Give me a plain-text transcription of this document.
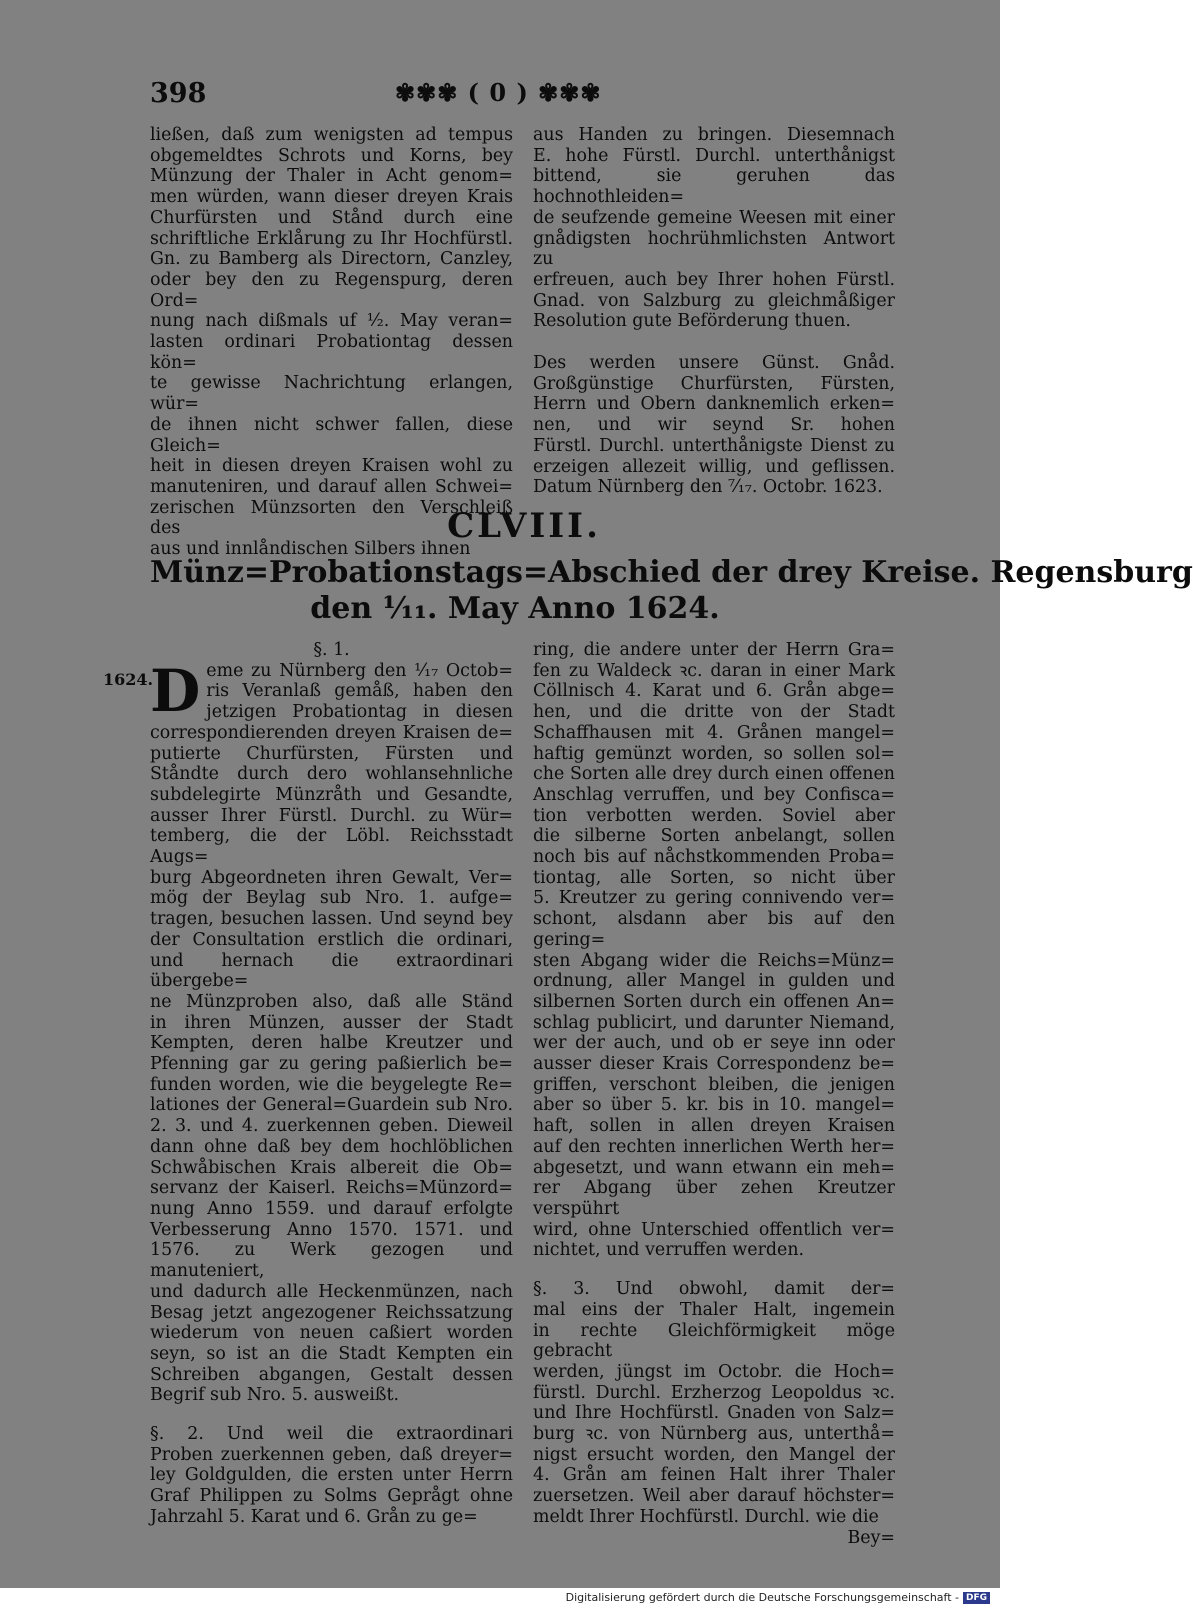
398	✾✾✾ ( 0 ) ✾✾✾

ließen, daß zum wenigsten ad tempus

obgemeldtes Schrots und Korns, bey

Münzung der Thaler in Acht genom=

men würden, wann dieser dreyen Krais

Churfürsten und Stånd durch eine

schriftliche Erklårung zu Ihr Hochfürstl.

Gn. zu Bamberg als Directorn, Canzley,

oder bey den zu Regenspurg, deren Ord=

nung nach dißmals uf ¹⁄₂. May veran=

lasten ordinari Probationtag dessen kön=

te gewisse Nachrichtung erlangen, wür=

de ihnen nicht schwer fallen, diese Gleich=

heit in diesen dreyen Kraisen wohl zu

manuteniren, und darauf allen Schwei=

zerischen Münzsorten den Verschleiß des

aus und innlåndischen Silbers ihnen

aus Handen zu bringen. Diesemnach

E. hohe Fürstl. Durchl. unterthånigst

bittend, sie geruhen das hochnothleiden=

de seufzende gemeine Weesen mit einer

gnådigsten hochrühmlichsten Antwort zu

erfreuen, auch bey Ihrer hohen Fürstl.

Gnad. von Salzburg zu gleichmåßiger

Resolution gute Beförderung thuen.

Des werden unsere Günst. Gnåd.

Großgünstige Churfürsten, Fürsten,

Herrn und Obern danknemlich erken=

nen, und wir seynd Sr. hohen

Fürstl. Durchl. unterthånigste Dienst zu

erzeigen allezeit willig, und geflissen.

Datum Nürnberg den ⁷⁄₁₇. Octobr. 1623.

CLVIII.
Münz=Probationstags=Abschied der drey Kreise. Regensburg
den ¹⁄₁₁. May Anno 1624.
1624.

§. 1.

D eme zu Nürnberg den ¹⁄₁₇ Octob=

ris Veranlaß gemåß, haben den

jetzigen Probationtag in diesen

correspondierenden dreyen Kraisen de=

putierte Churfürsten, Fürsten und

Ståndte durch dero wohlansehnliche

subdelegirte Münzråth und Gesandte,

ausser Ihrer Fürstl. Durchl. zu Wür=

temberg, die der Löbl. Reichsstadt Augs=

burg Abgeordneten ihren Gewalt, Ver=

mög der Beylag sub Nro. 1. aufge=

tragen, besuchen lassen. Und seynd bey

der Consultation erstlich die ordinari,

und hernach die extraordinari übergebe=

ne Münzproben also, daß alle Ständ

in ihren Münzen, ausser der Stadt

Kempten, deren halbe Kreutzer und

Pfenning gar zu gering paßierlich be=

funden worden, wie die beygelegte Re=

lationes der General=Guardein sub Nro.

2. 3. und 4. zuerkennen geben. Dieweil

dann ohne daß bey dem hochlöblichen

Schwåbischen Krais albereit die Ob=

servanz der Kaiserl. Reichs=Münzord=

nung Anno 1559. und darauf erfolgte

Verbesserung Anno 1570. 1571. und

1576. zu Werk gezogen und manuteniert,

und dadurch alle Heckenmünzen, nach

Besag jetzt angezogener Reichssatzung

wiederum von neuen caßiert worden

seyn, so ist an die Stadt Kempten ein

Schreiben abgangen, Gestalt dessen

Begrif sub Nro. 5. ausweißt.

§. 2. Und weil die extraordinari

Proben zuerkennen geben, daß dreyer=

ley Goldgulden, die ersten unter Herrn

Graf Philippen zu Solms Geprågt ohne

Jahrzahl 5. Karat und 6. Grån zu ge=

ring, die andere unter der Herrn Gra=

fen zu Waldeck ꝛc. daran in einer Mark

Cöllnisch 4. Karat und 6. Grån abge=

hen, und die dritte von der Stadt

Schaffhausen mit 4. Grånen mangel=

haftig gemünzt worden, so sollen sol=

che Sorten alle drey durch einen offenen

Anschlag verruffen, und bey Confisca=

tion verbotten werden. Soviel aber

die silberne Sorten anbelangt, sollen

noch bis auf nåchstkommenden Proba=

tiontag, alle Sorten, so nicht über

5. Kreutzer zu gering connivendo ver=

schont, alsdann aber bis auf den gering=

sten Abgang wider die Reichs=Münz=

ordnung, aller Mangel in gulden und

silbernen Sorten durch ein offenen An=

schlag publicirt, und darunter Niemand,

wer der auch, und ob er seye inn oder

ausser dieser Krais Correspondenz be=

griffen, verschont bleiben, die jenigen

aber so über 5. kr. bis in 10. mangel=

haft, sollen in allen dreyen Kraisen

auf den rechten innerlichen Werth her=

abgesetzt, und wann etwann ein meh=

rer Abgang über zehen Kreutzer verspührt

wird, ohne Unterschied offentlich ver=

nichtet, und verruffen werden.

§. 3. Und obwohl, damit der=

mal eins der Thaler Halt, ingemein

in rechte Gleichförmigkeit möge gebracht

werden, jüngst im Octobr. die Hoch=

fürstl. Durchl. Erzherzog Leopoldus ꝛc.

und Ihre Hochfürstl. Gnaden von Salz=

burg ꝛc. von Nürnberg aus, unterthå=

nigst ersucht worden, den Mangel der

4. Grån am feinen Halt ihrer Thaler

zuersetzen. Weil aber darauf höchster=

meldt Ihrer Hochfürstl. Durchl. wie die

Bey=

Digitalisierung gefördert durch die Deutsche Forschungsgemeinschaft - DFG
